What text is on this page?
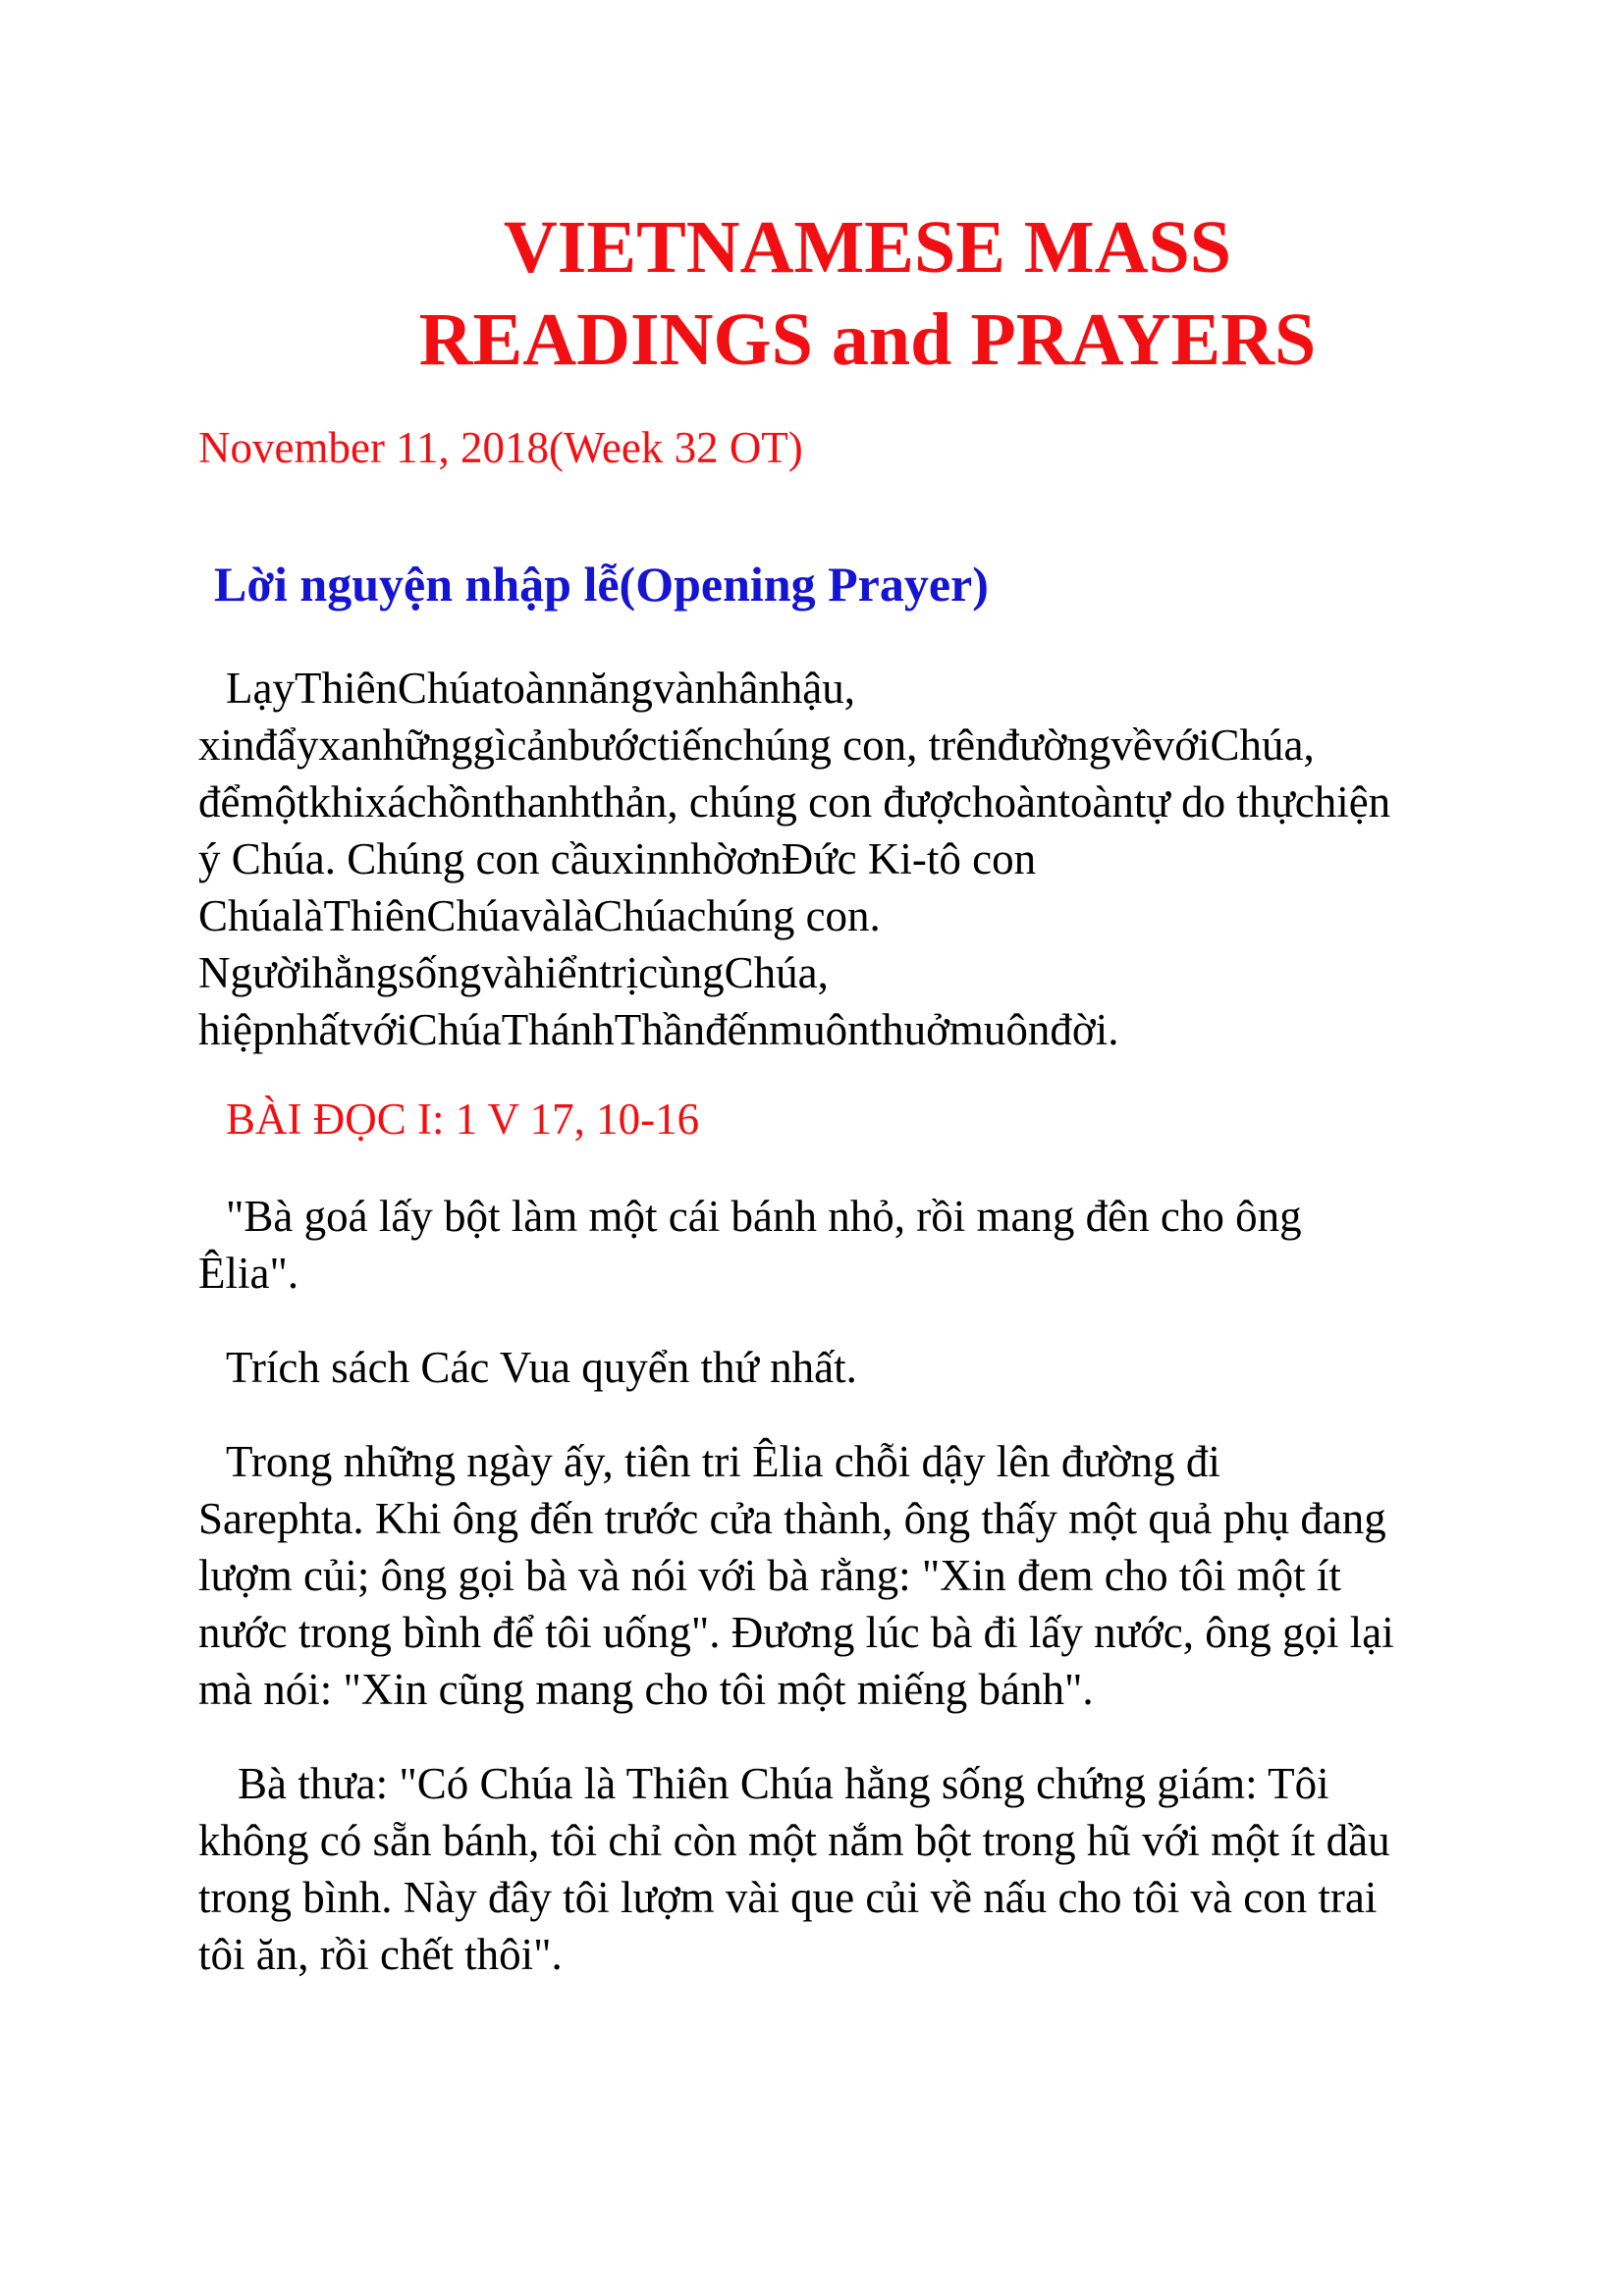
VIETNAMESE MASS
READINGS and PRAYERS
November 11, 2018(Week 32 OT)
Lời nguyện nhập lễ(Opening Prayer)
LạyThiênChúatoànnăngvànhânhậu,
xinđẩyxanhữnggìcảnbướctiếnchúng con, trênđườngvềvớiChúa,
đểmộtkhixáchồnthanhthản, chúng con đượchoàntoàntự do thựchiện
ý Chúa. Chúng con cầuxinnhờơnĐức Ki-tô con
ChúalàThiênChúavàlàChúachúng con.
NgườihằngsốngvàhiểntrịcùngChúa,
hiệpnhấtvớiChúaThánhThầnđếnmuônthuởmuônđời.
BÀI ĐỌC I: 1 V 17, 10-16
"Bà goá lấy bột làm một cái bánh nhỏ, rồi mang đên cho ông
Êlia".
Trích sách Các Vua quyển thứ nhất.
Trong những ngày ấy, tiên tri Êlia chỗi dậy lên đường đi
Sarephta. Khi ông đến trước cửa thành, ông thấy một quả phụ đang
lượm củi; ông gọi bà và nói với bà rằng: "Xin đem cho tôi một ít
nước trong bình để tôi uống". Đương lúc bà đi lấy nước, ông gọi lại
mà nói: "Xin cũng mang cho tôi một miếng bánh".
Bà thưa: "Có Chúa là Thiên Chúa hằng sống chứng giám: Tôi
không có sẵn bánh, tôi chỉ còn một nắm bột trong hũ với một ít dầu
trong bình. Này đây tôi lượm vài que củi về nấu cho tôi và con trai
tôi ăn, rồi chết thôi".
